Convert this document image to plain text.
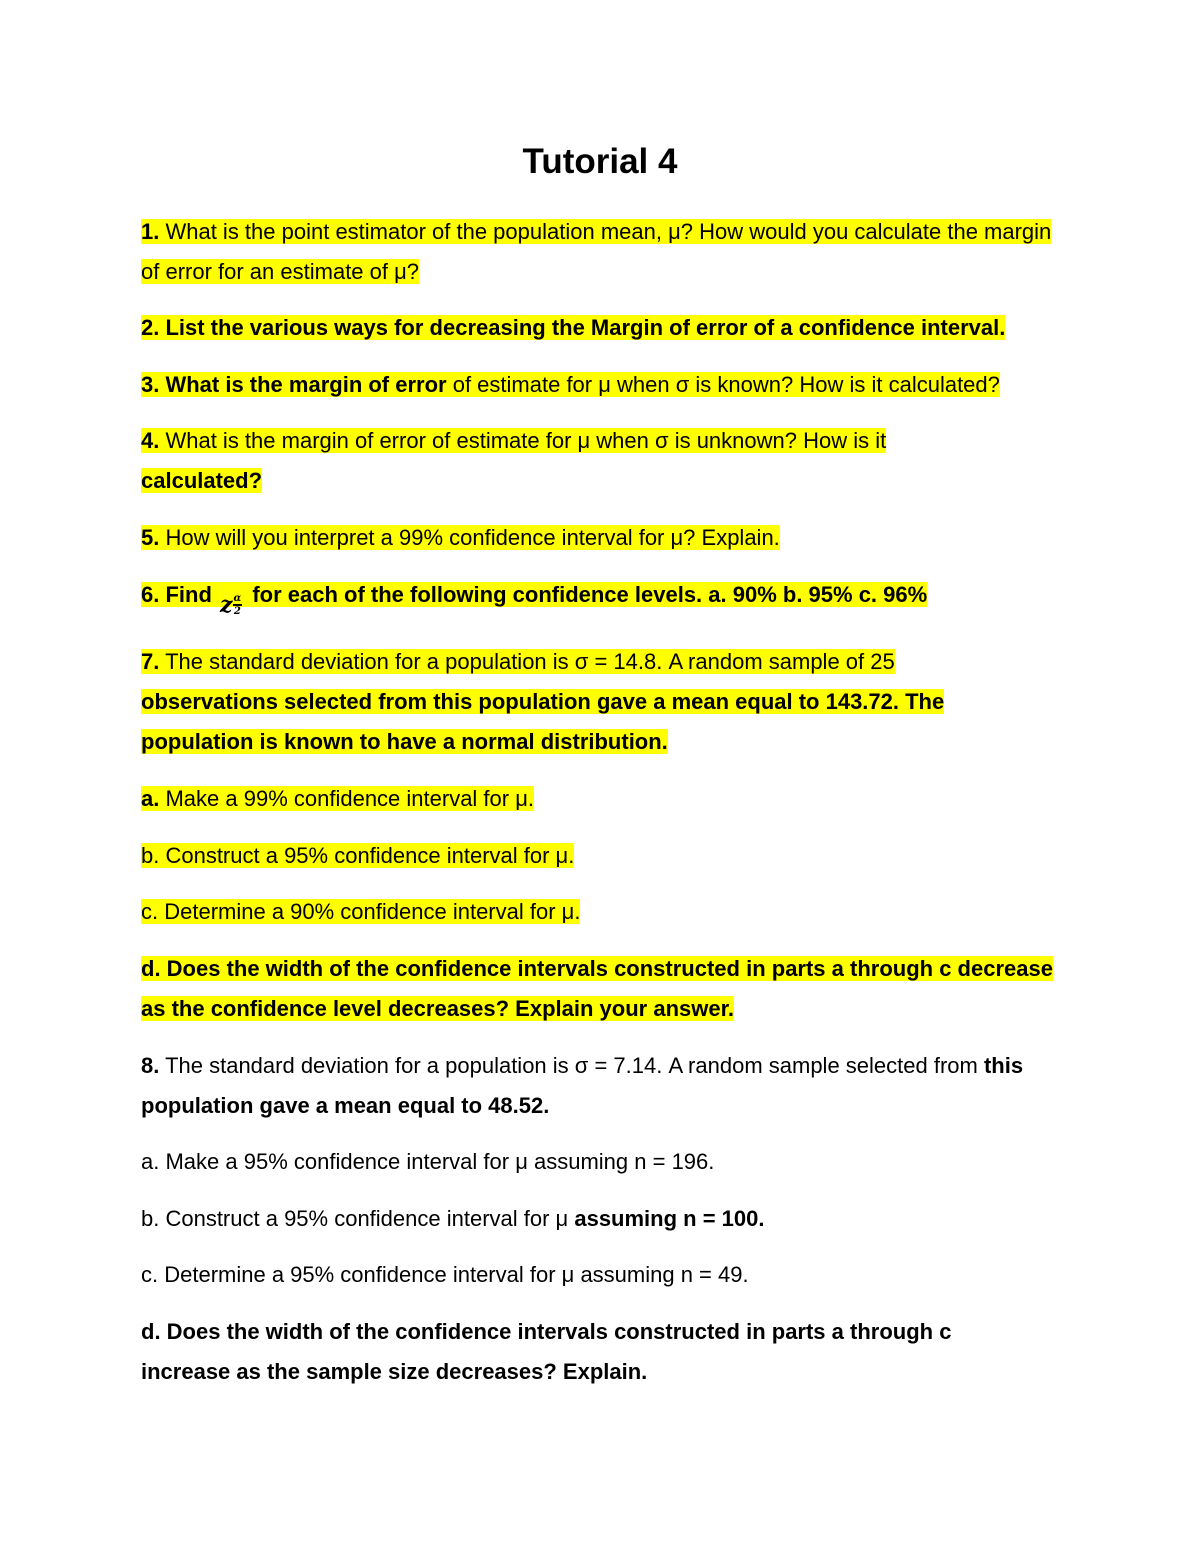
Tutorial 4
1. What is the point estimator of the population mean, μ? How would you calculate the margin of error for an estimate of μ?
2. List the various ways for decreasing the Margin of error of a confidence interval.
3. What is the margin of error of estimate for μ when σ is known? How is it calculated?
4. What is the margin of error of estimate for μ when σ is unknown? How is it calculated?
5. How will you interpret a 99% confidence interval for μ? Explain.
6. Find z $\frac{\alpha}{2}$ for each of the following confidence levels. a. 90% b. 95% c. 96%
7. The standard deviation for a population is σ = 14.8. A random sample of 25 observations selected from this population gave a mean equal to 143.72. The population is known to have a normal distribution.
a. Make a 99% confidence interval for μ.
b. Construct a 95% confidence interval for μ.
c. Determine a 90% confidence interval for μ.
d. Does the width of the confidence intervals constructed in parts a through c decrease as the confidence level decreases? Explain your answer.
8. The standard deviation for a population is σ = 7.14. A random sample selected from this population gave a mean equal to 48.52.
a. Make a 95% confidence interval for μ assuming n = 196.
b. Construct a 95% confidence interval for μ assuming n = 100.
c. Determine a 95% confidence interval for μ assuming n = 49.
d. Does the width of the confidence intervals constructed in parts a through c increase as the sample size decreases? Explain.
